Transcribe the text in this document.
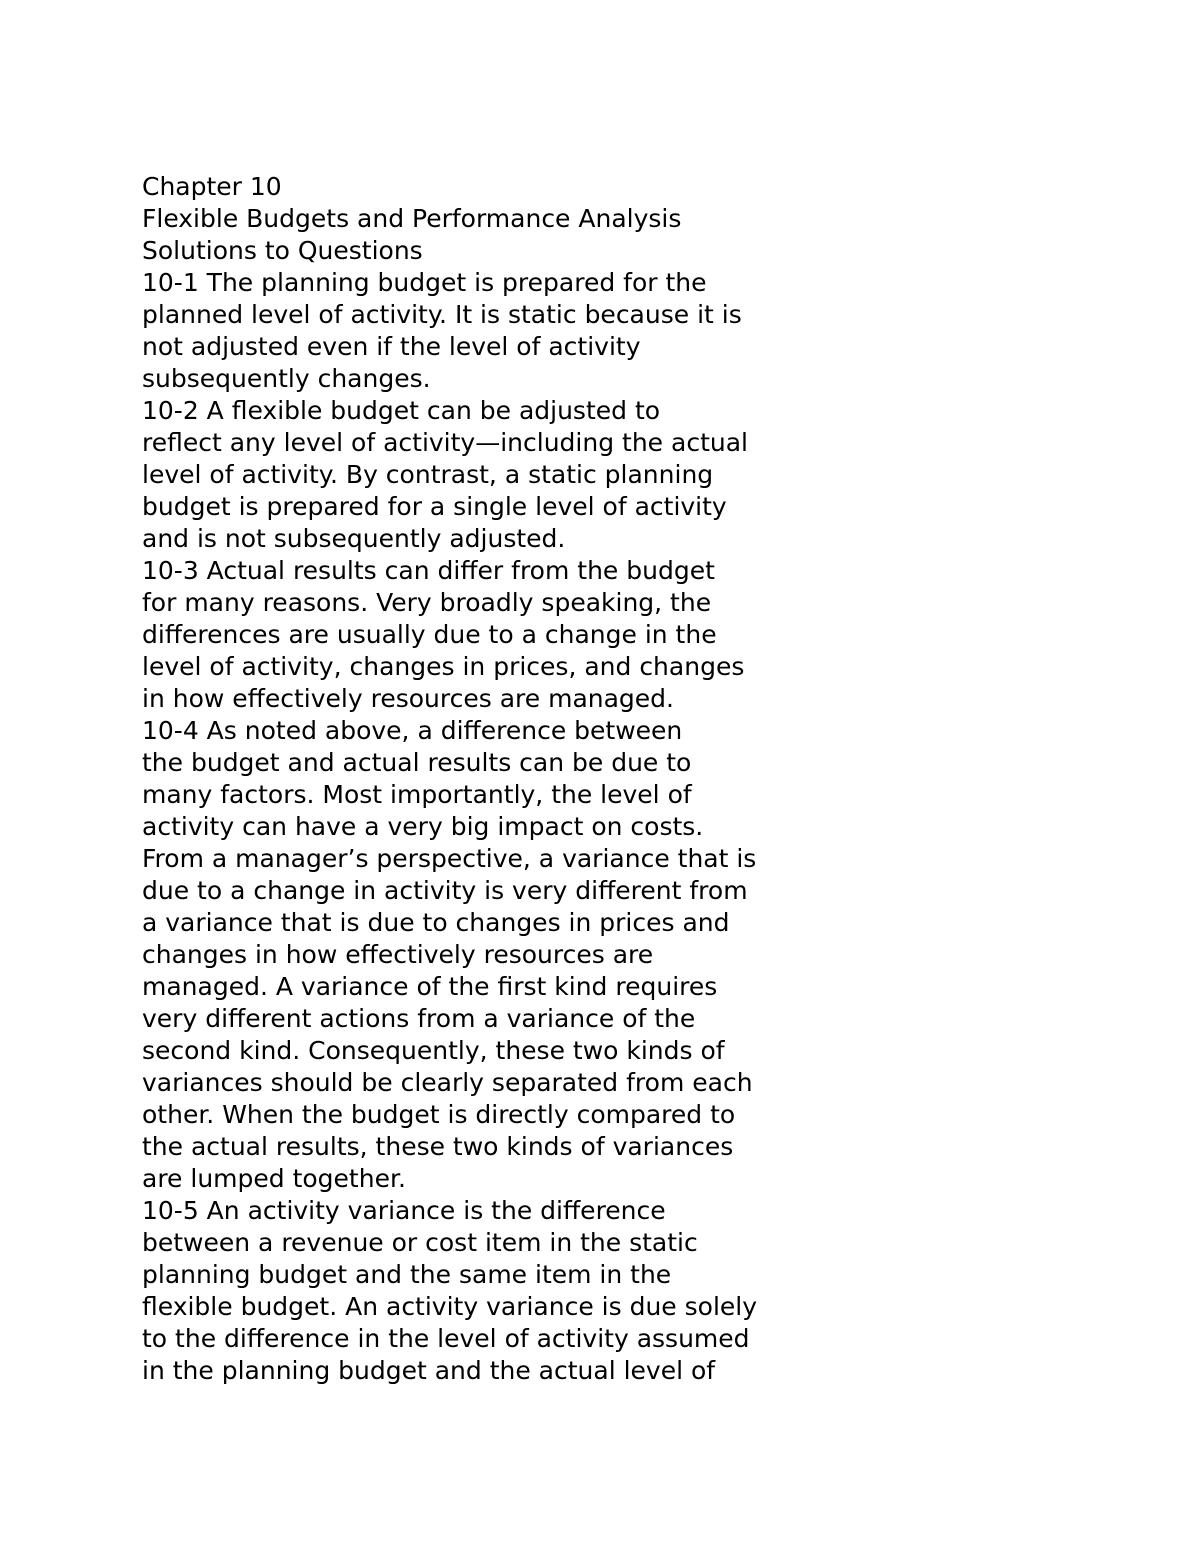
Chapter 10
Flexible Budgets and Performance Analysis
Solutions to Questions
10-1 The planning budget is prepared for the
planned level of activity. It is static because it is
not adjusted even if the level of activity
subsequently changes.
10-2 A flexible budget can be adjusted to
reflect any level of activity—including the actual
level of activity. By contrast, a static planning
budget is prepared for a single level of activity
and is not subsequently adjusted.
10-3 Actual results can differ from the budget
for many reasons. Very broadly speaking, the
differences are usually due to a change in the
level of activity, changes in prices, and changes
in how effectively resources are managed.
10-4 As noted above, a difference between
the budget and actual results can be due to
many factors. Most importantly, the level of
activity can have a very big impact on costs.
From a manager’s perspective, a variance that is
due to a change in activity is very different from
a variance that is due to changes in prices and
changes in how effectively resources are
managed. A variance of the first kind requires
very different actions from a variance of the
second kind. Consequently, these two kinds of
variances should be clearly separated from each
other. When the budget is directly compared to
the actual results, these two kinds of variances
are lumped together.
10-5 An activity variance is the difference
between a revenue or cost item in the static
planning budget and the same item in the
flexible budget. An activity variance is due solely
to the difference in the level of activity assumed
in the planning budget and the actual level of
